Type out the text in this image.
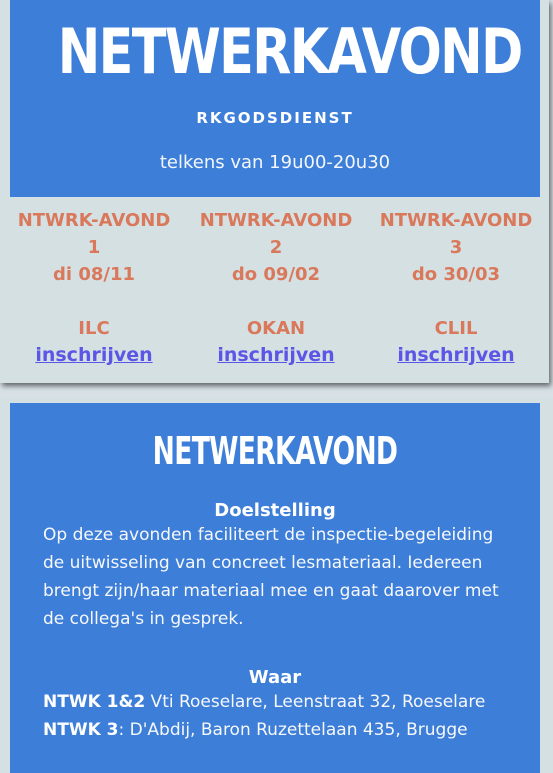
NETWERKAVOND
RKGODSDIENST
telkens van 19u00-20u30
NTWRK-AVOND
1
di 08/11
ILC
inschrijven
NTWRK-AVOND
2
do 09/02
OKAN
inschrijven
NTWRK-AVOND
3
do 30/03
CLIL
inschrijven
NETWERKAVOND
Doelstelling
Op deze avonden faciliteert de inspectie-begeleiding de uitwisseling van concreet lesmateriaal. Iedereen brengt zijn/haar materiaal mee en gaat daarover met de collega's in gesprek.
Waar
NTWK 1&2 Vti Roeselare, Leenstraat 32, Roeselare
NTWK 3: D'Abdij, Baron Ruzettelaan 435, Brugge
